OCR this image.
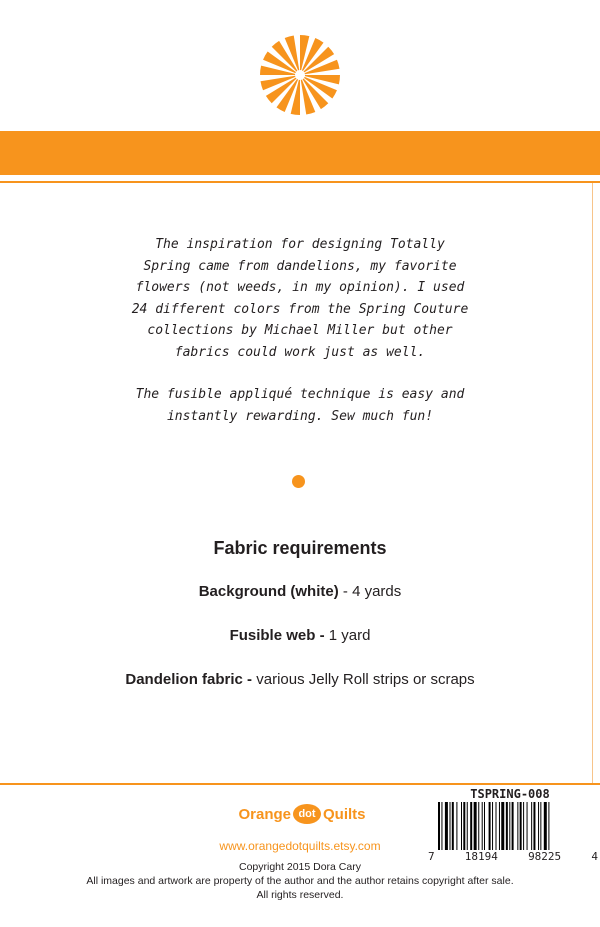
The inspiration for designing Totally
Spring came from dandelions, my favorite
flowers (not weeds, in my opinion). I used
24 different colors from the Spring Couture
collections by Michael Miller but other
fabrics could work just as well.

The fusible appliqué technique is easy and
instantly rewarding. Sew much fun!

Fabric requirements
Background (white) - 4 yards
Fusible web - 1 yard
Dandelion fabric - various Jelly Roll strips or scraps
Orange dot Quilts
www.orangedotquilts.etsy.com
Copyright 2015 Dora Cary
All images and artwork are property of the author and the author retains copyright after sale.
All rights reserved.
TSPRING-008
7	18194	98225	4
